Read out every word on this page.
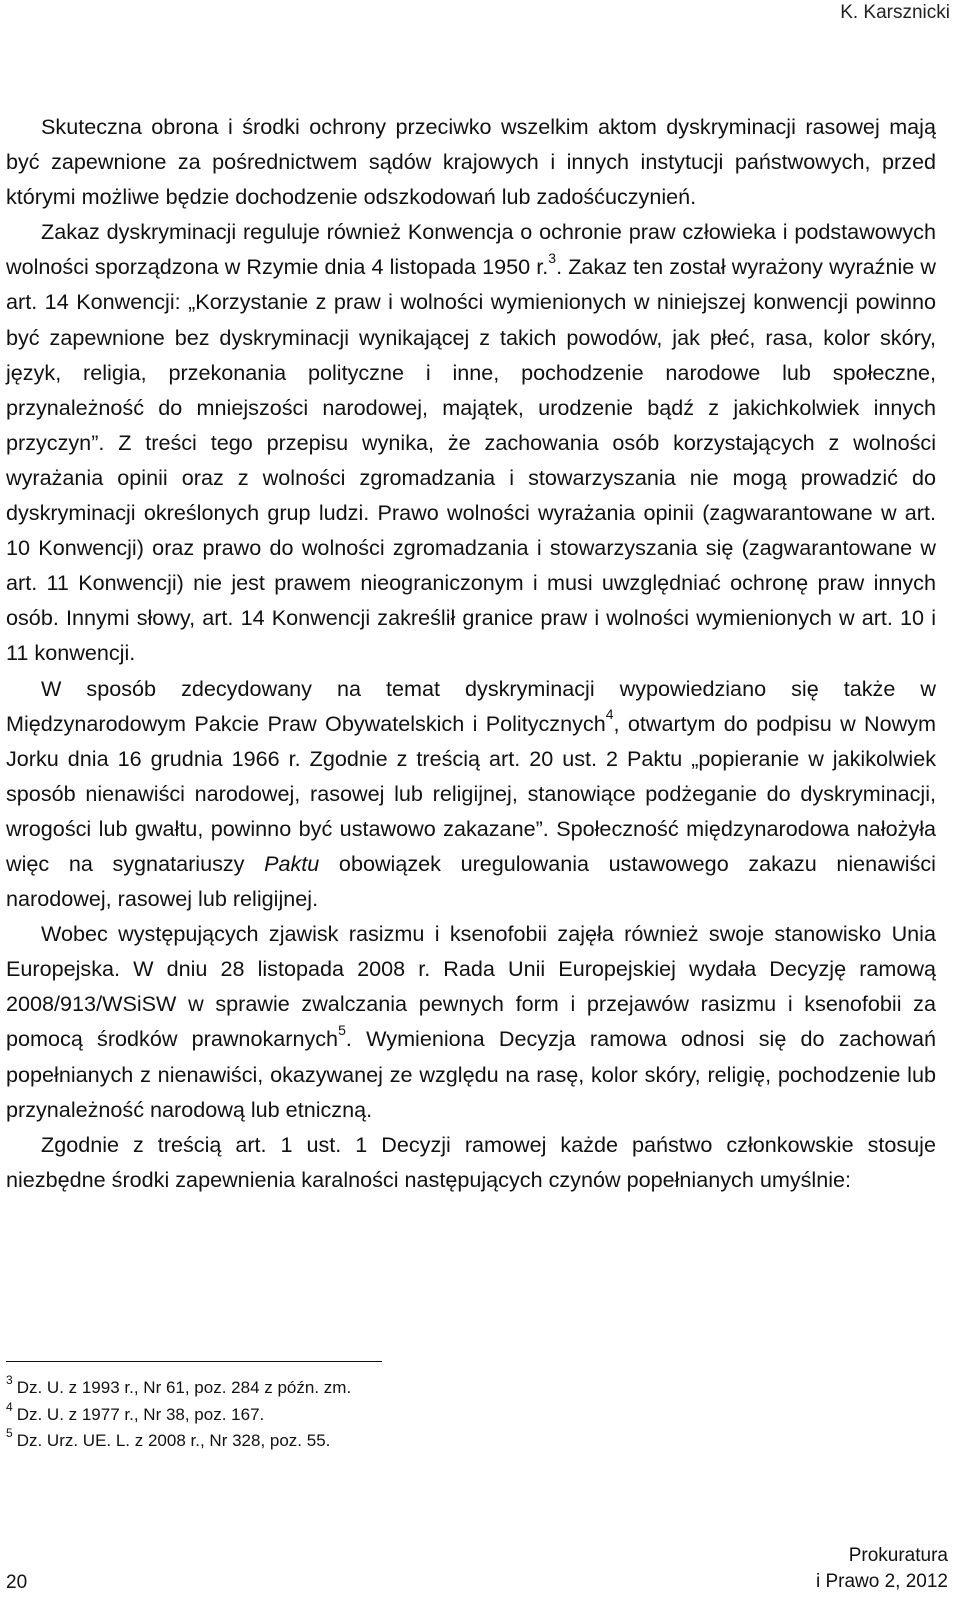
K. Karsznicki

Skuteczna obrona i środki ochrony przeciwko wszelkim aktom dyskryminacji rasowej mają być zapewnione za pośrednictwem sądów krajowych i innych instytucji państwowych, przed którymi możliwe będzie dochodzenie odszkodowań lub zadośćuczynień.

Zakaz dyskryminacji reguluje również Konwencja o ochronie praw człowieka i podstawowych wolności sporządzona w Rzymie dnia 4 listopada 1950 r.$^3$. Zakaz ten został wyrażony wyraźnie w art. 14 Konwencji: „Korzystanie z praw i wolności wymienionych w niniejszej konwencji powinno być zapewnione bez dyskryminacji wynikającej z takich powodów, jak płeć, rasa, kolor skóry, język, religia, przekonania polityczne i inne, pochodzenie narodowe lub społeczne, przynależność do mniejszości narodowej, majątek, urodzenie bądź z jakichkolwiek innych przyczyn”. Z treści tego przepisu wynika, że zachowania osób korzystających z wolności wyrażania opinii oraz z wolności zgromadzania i stowarzyszania nie mogą prowadzić do dyskryminacji określonych grup ludzi. Prawo wolności wyrażania opinii (zagwarantowane w art. 10 Konwencji) oraz prawo do wolności zgromadzania i stowarzyszania się (zagwarantowane w art. 11 Konwencji) nie jest prawem nieograniczonym i musi uwzględniać ochronę praw innych osób. Innymi słowy, art. 14 Konwencji zakreślił granice praw i wolności wymienionych w art. 10 i 11 konwencji.

W sposób zdecydowany na temat dyskryminacji wypowiedziano się także w Międzynarodowym Pakcie Praw Obywatelskich i Politycznych$^4$, otwartym do podpisu w Nowym Jorku dnia 16 grudnia 1966 r. Zgodnie z treścią art. 20 ust. 2 Paktu „popieranie w jakikolwiek sposób nienawiści narodowej, rasowej lub religijnej, stanowiące podżeganie do dyskryminacji, wrogości lub gwałtu, powinno być ustawowo zakazane”. Społeczność międzynarodowa nałożyła więc na sygnatariuszy Paktu obowiązek uregulowania ustawowego zakazu nienawiści narodowej, rasowej lub religijnej.

Wobec występujących zjawisk rasizmu i ksenofobii zajęła również swoje stanowisko Unia Europejska. W dniu 28 listopada 2008 r. Rada Unii Europejskiej wydała Decyzję ramową 2008/913/WSiSW w sprawie zwalczania pewnych form i przejawów rasizmu i ksenofobii za pomocą środków prawnokarnych$^5$. Wymieniona Decyzja ramowa odnosi się do zachowań popełnianych z nienawiści, okazywanej ze względu na rasę, kolor skóry, religię, pochodzenie lub przynależność narodową lub etniczną.

Zgodnie z treścią art. 1 ust. 1 Decyzji ramowej każde państwo członkowskie stosuje niezbędne środki zapewnienia karalności następujących czynów popełnianych umyślnie:

$^3$ Dz. U. z 1993 r., Nr 61, poz. 284 z późn. zm.

$^4$ Dz. U. z 1977 r., Nr 38, poz. 167.

$^5$ Dz. Urz. UE. L. z 2008 r., Nr 328, poz. 55.

20
Prokuratura
i Prawo 2, 2012
